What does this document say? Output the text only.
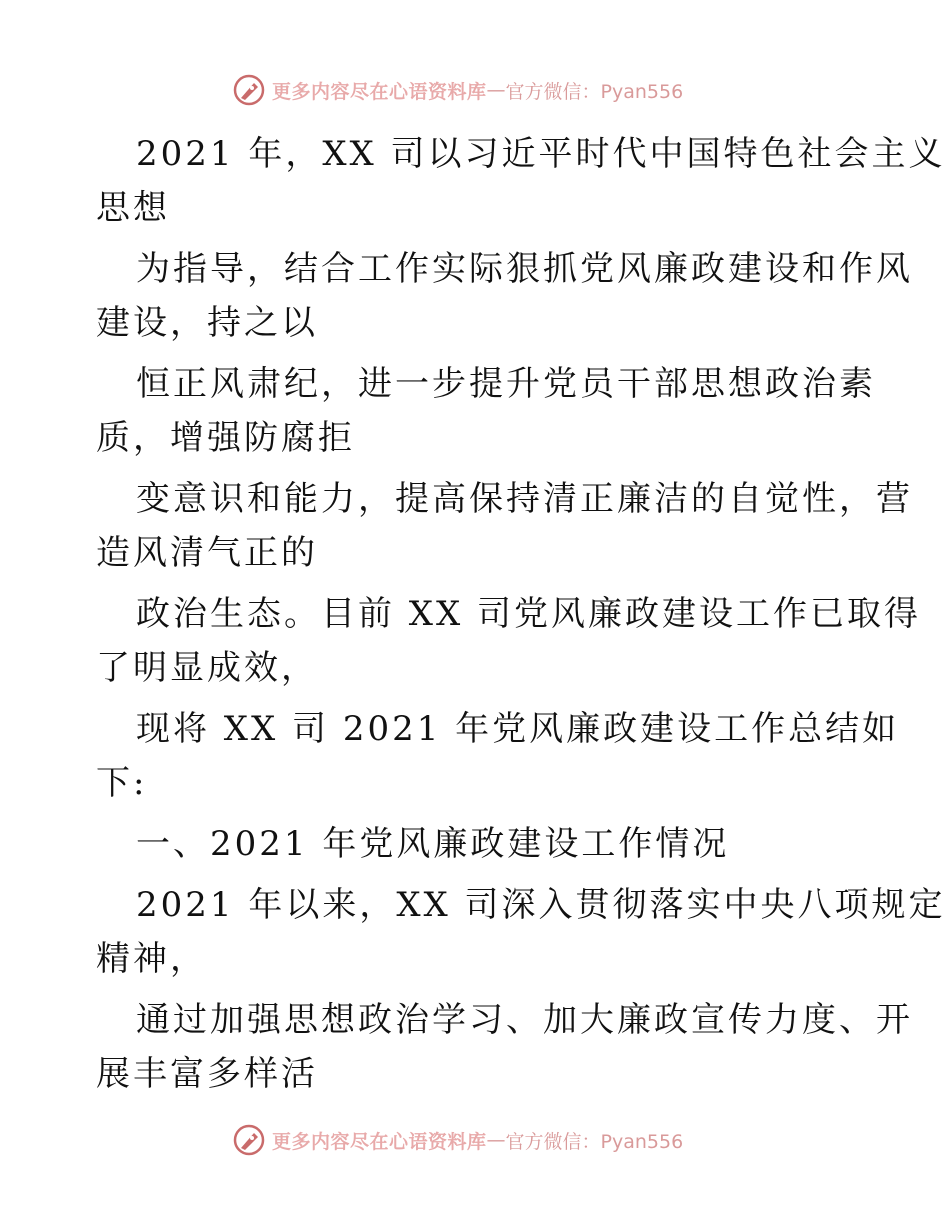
更多内容尽在心语资料库 — 官方微信：Pyan556
2021 年，XX 司以习近平时代中国特色社会主义
思想
为指导，结合工作实际狠抓党风廉政建设和作风
建设，持之以
恒正风肃纪，进一步提升党员干部思想政治素
质，增强防腐拒
变意识和能力，提高保持清正廉洁的自觉性，营
造风清气正的
政治生态。目前 XX 司党风廉政建设工作已取得
了明显成效，
现将 XX 司 2021 年党风廉政建设工作总结如
下:
一、2021 年党风廉政建设工作情况
2021 年以来，XX 司深入贯彻落实中央八项规定
精神，
通过加强思想政治学习、加大廉政宣传力度、开
展丰富多样活
更多内容尽在心语资料库 — 官方微信：Pyan556
